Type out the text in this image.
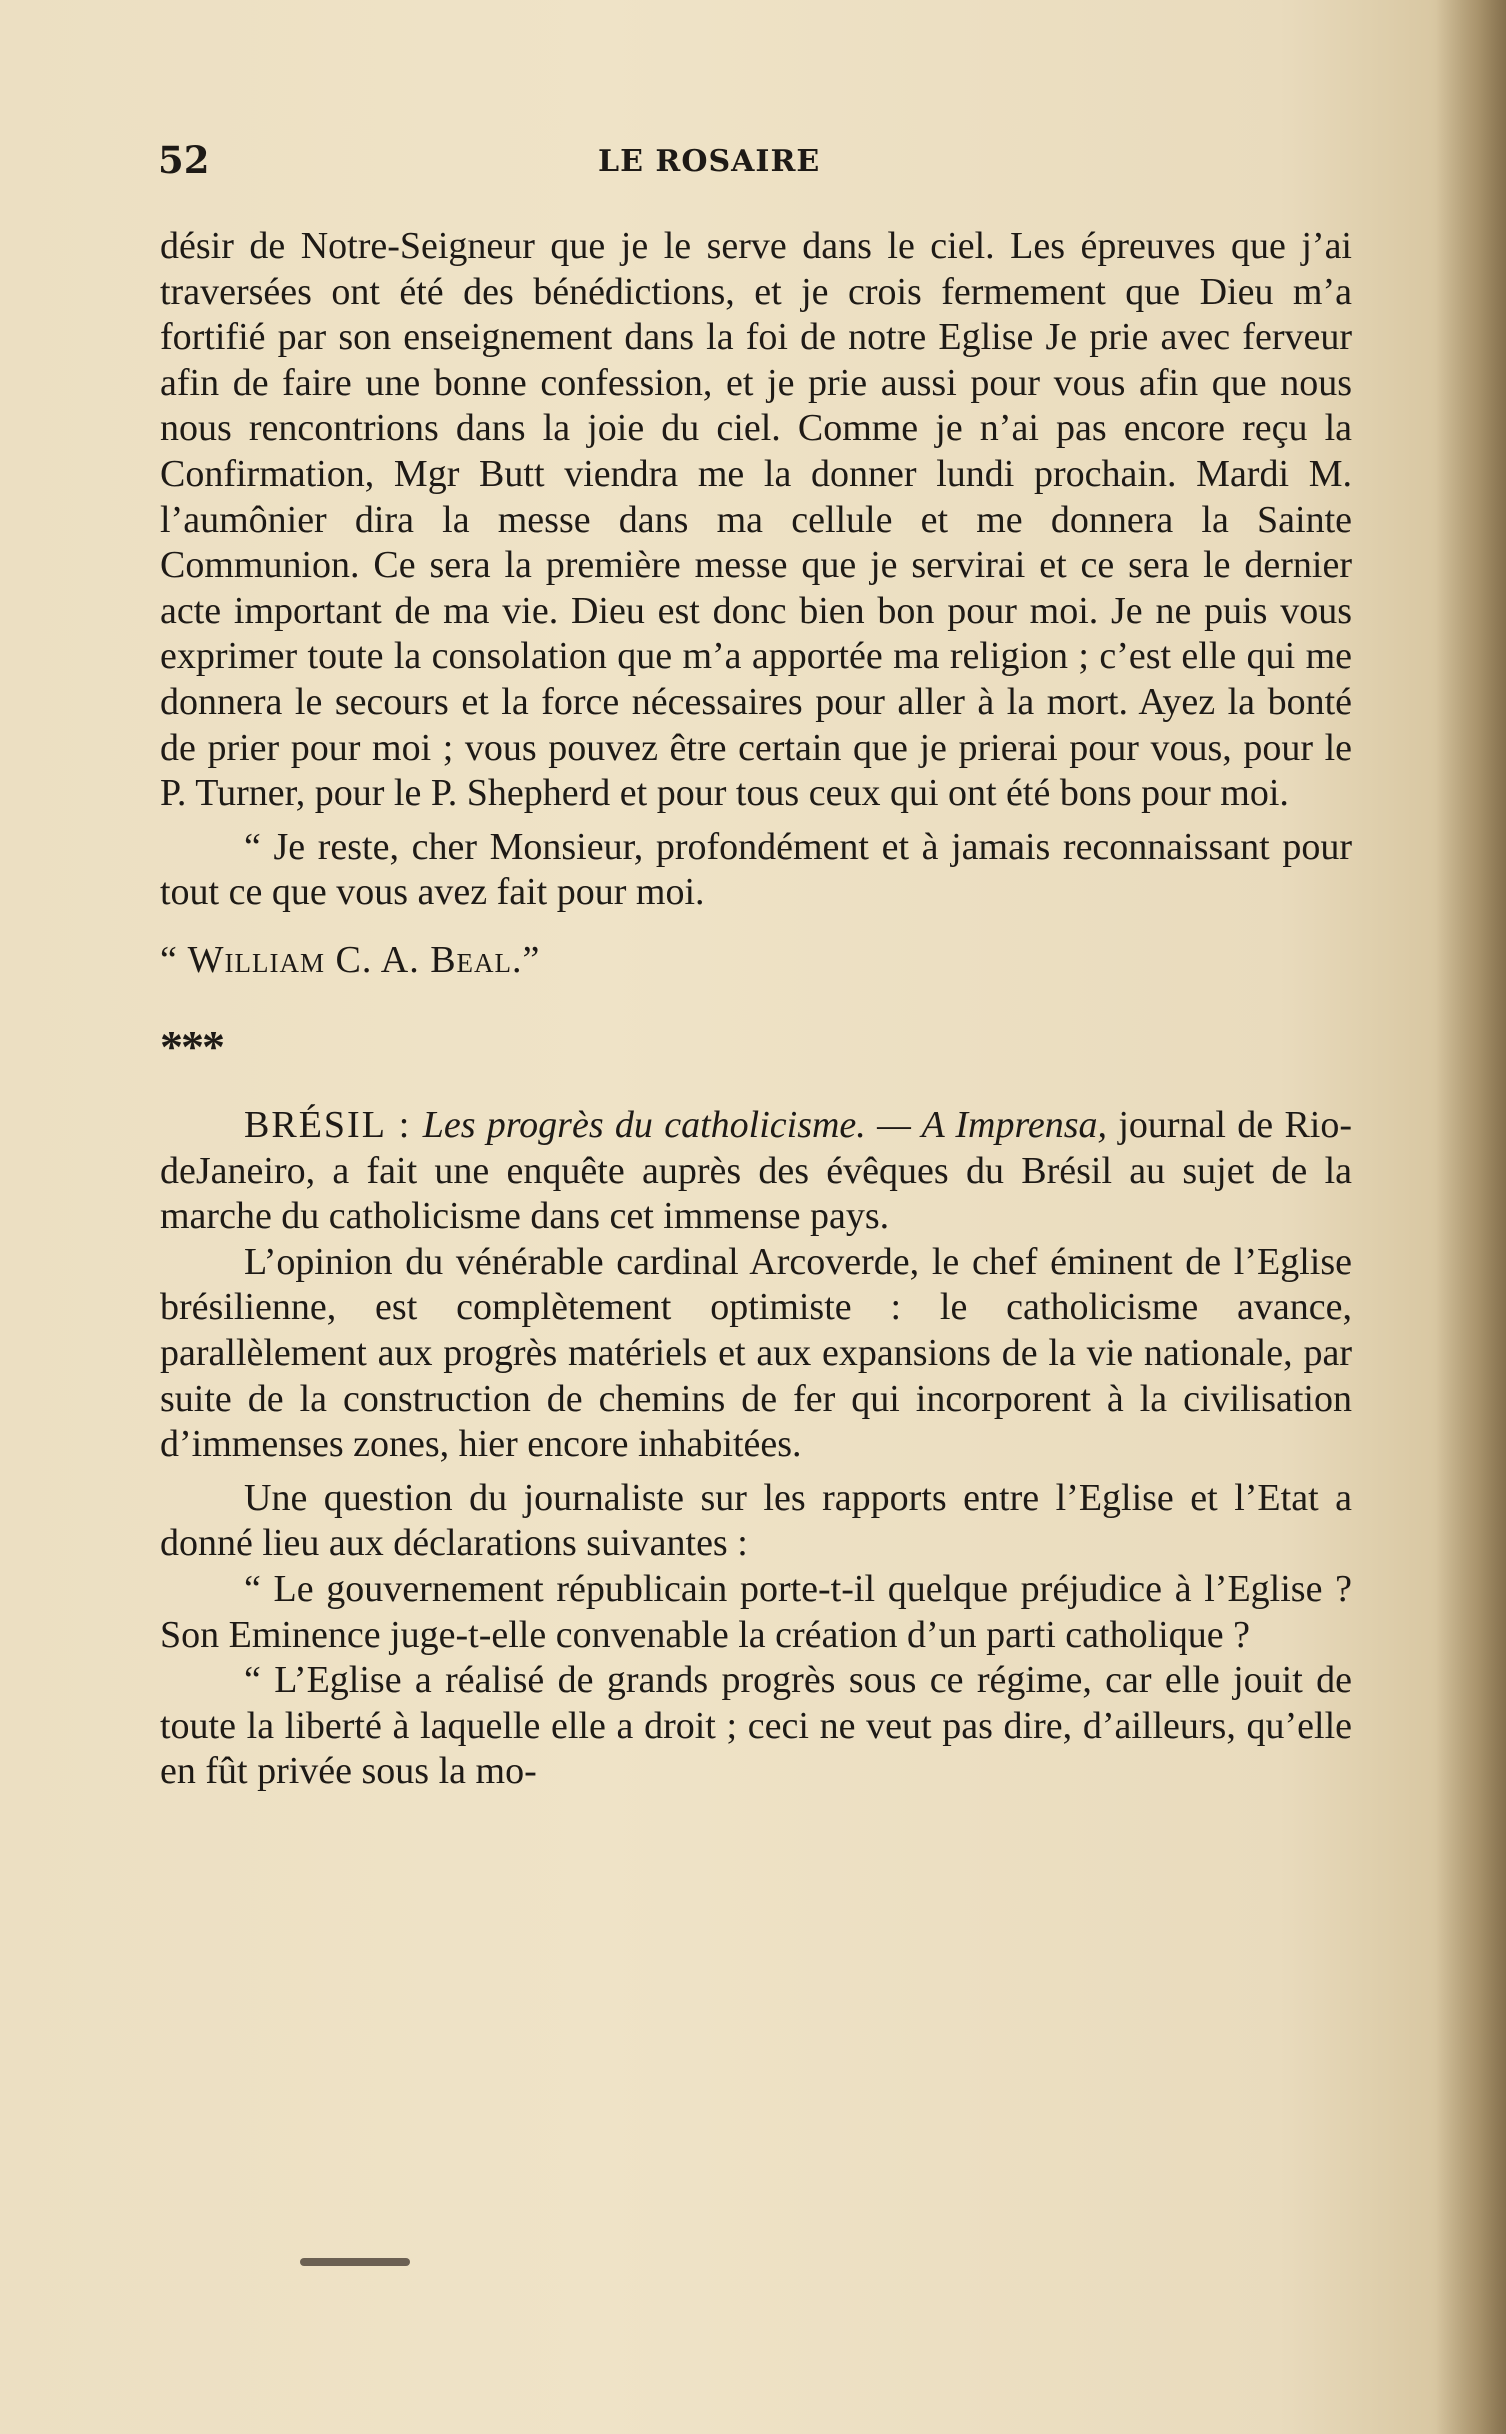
52	LE ROSAIRE

désir de Notre-Seigneur que je le serve dans le ciel. Les épreuves que j’ai traversées ont été des bénédictions, et je crois fermement que Dieu m’a fortifié par son enseignement dans la foi de notre Eglise Je prie avec ferveur afin de faire une bonne confession, et je prie aussi pour vous afin que nous nous rencontrions dans la joie du ciel. Comme je n’ai pas encore reçu la Confirmation, Mgr Butt viendra me la donner lundi prochain. Mardi M. l’aumônier dira la messe dans ma cellule et me donnera la Sainte Communion. Ce sera la première messe que je servirai et ce sera le dernier acte important de ma vie. Dieu est donc bien bon pour moi. Je ne puis vous exprimer toute la consolation que m’a apportée ma religion ; c’est elle qui me donnera le secours et la force nécessaires pour aller à la mort. Ayez la bonté de prier pour moi ; vous pouvez être certain que je prierai pour vous, pour le P. Turner, pour le P. Shepherd et pour tous ceux qui ont été bons pour moi.

“ Je reste, cher Monsieur, profondément et à jamais reconnaissant pour tout ce que vous avez fait pour moi.

“ William C. A. Beal.”

***

BRÉSIL : Les progrès du catholicisme. — A Imprensa, journal de Rio-deJaneiro, a fait une enquête auprès des évêques du Brésil au sujet de la marche du catholicisme dans cet immense pays.

L’opinion du vénérable cardinal Arcoverde, le chef éminent de l’Eglise brésilienne, est complètement optimiste : le catholicisme avance, parallèlement aux progrès matériels et aux expansions de la vie nationale, par suite de la construction de chemins de fer qui incorporent à la civilisation d’immenses zones, hier encore inhabitées.

Une question du journaliste sur les rapports entre l’Eglise et l’Etat a donné lieu aux déclarations suivantes :

“ Le gouvernement républicain porte-t-il quelque préjudice à l’Eglise ? Son Eminence juge-t-elle convenable la création d’un parti catholique ?

“ L’Eglise a réalisé de grands progrès sous ce régime, car elle jouit de toute la liberté à laquelle elle a droit ; ceci ne veut pas dire, d’ailleurs, qu’elle en fût privée sous la mo-
